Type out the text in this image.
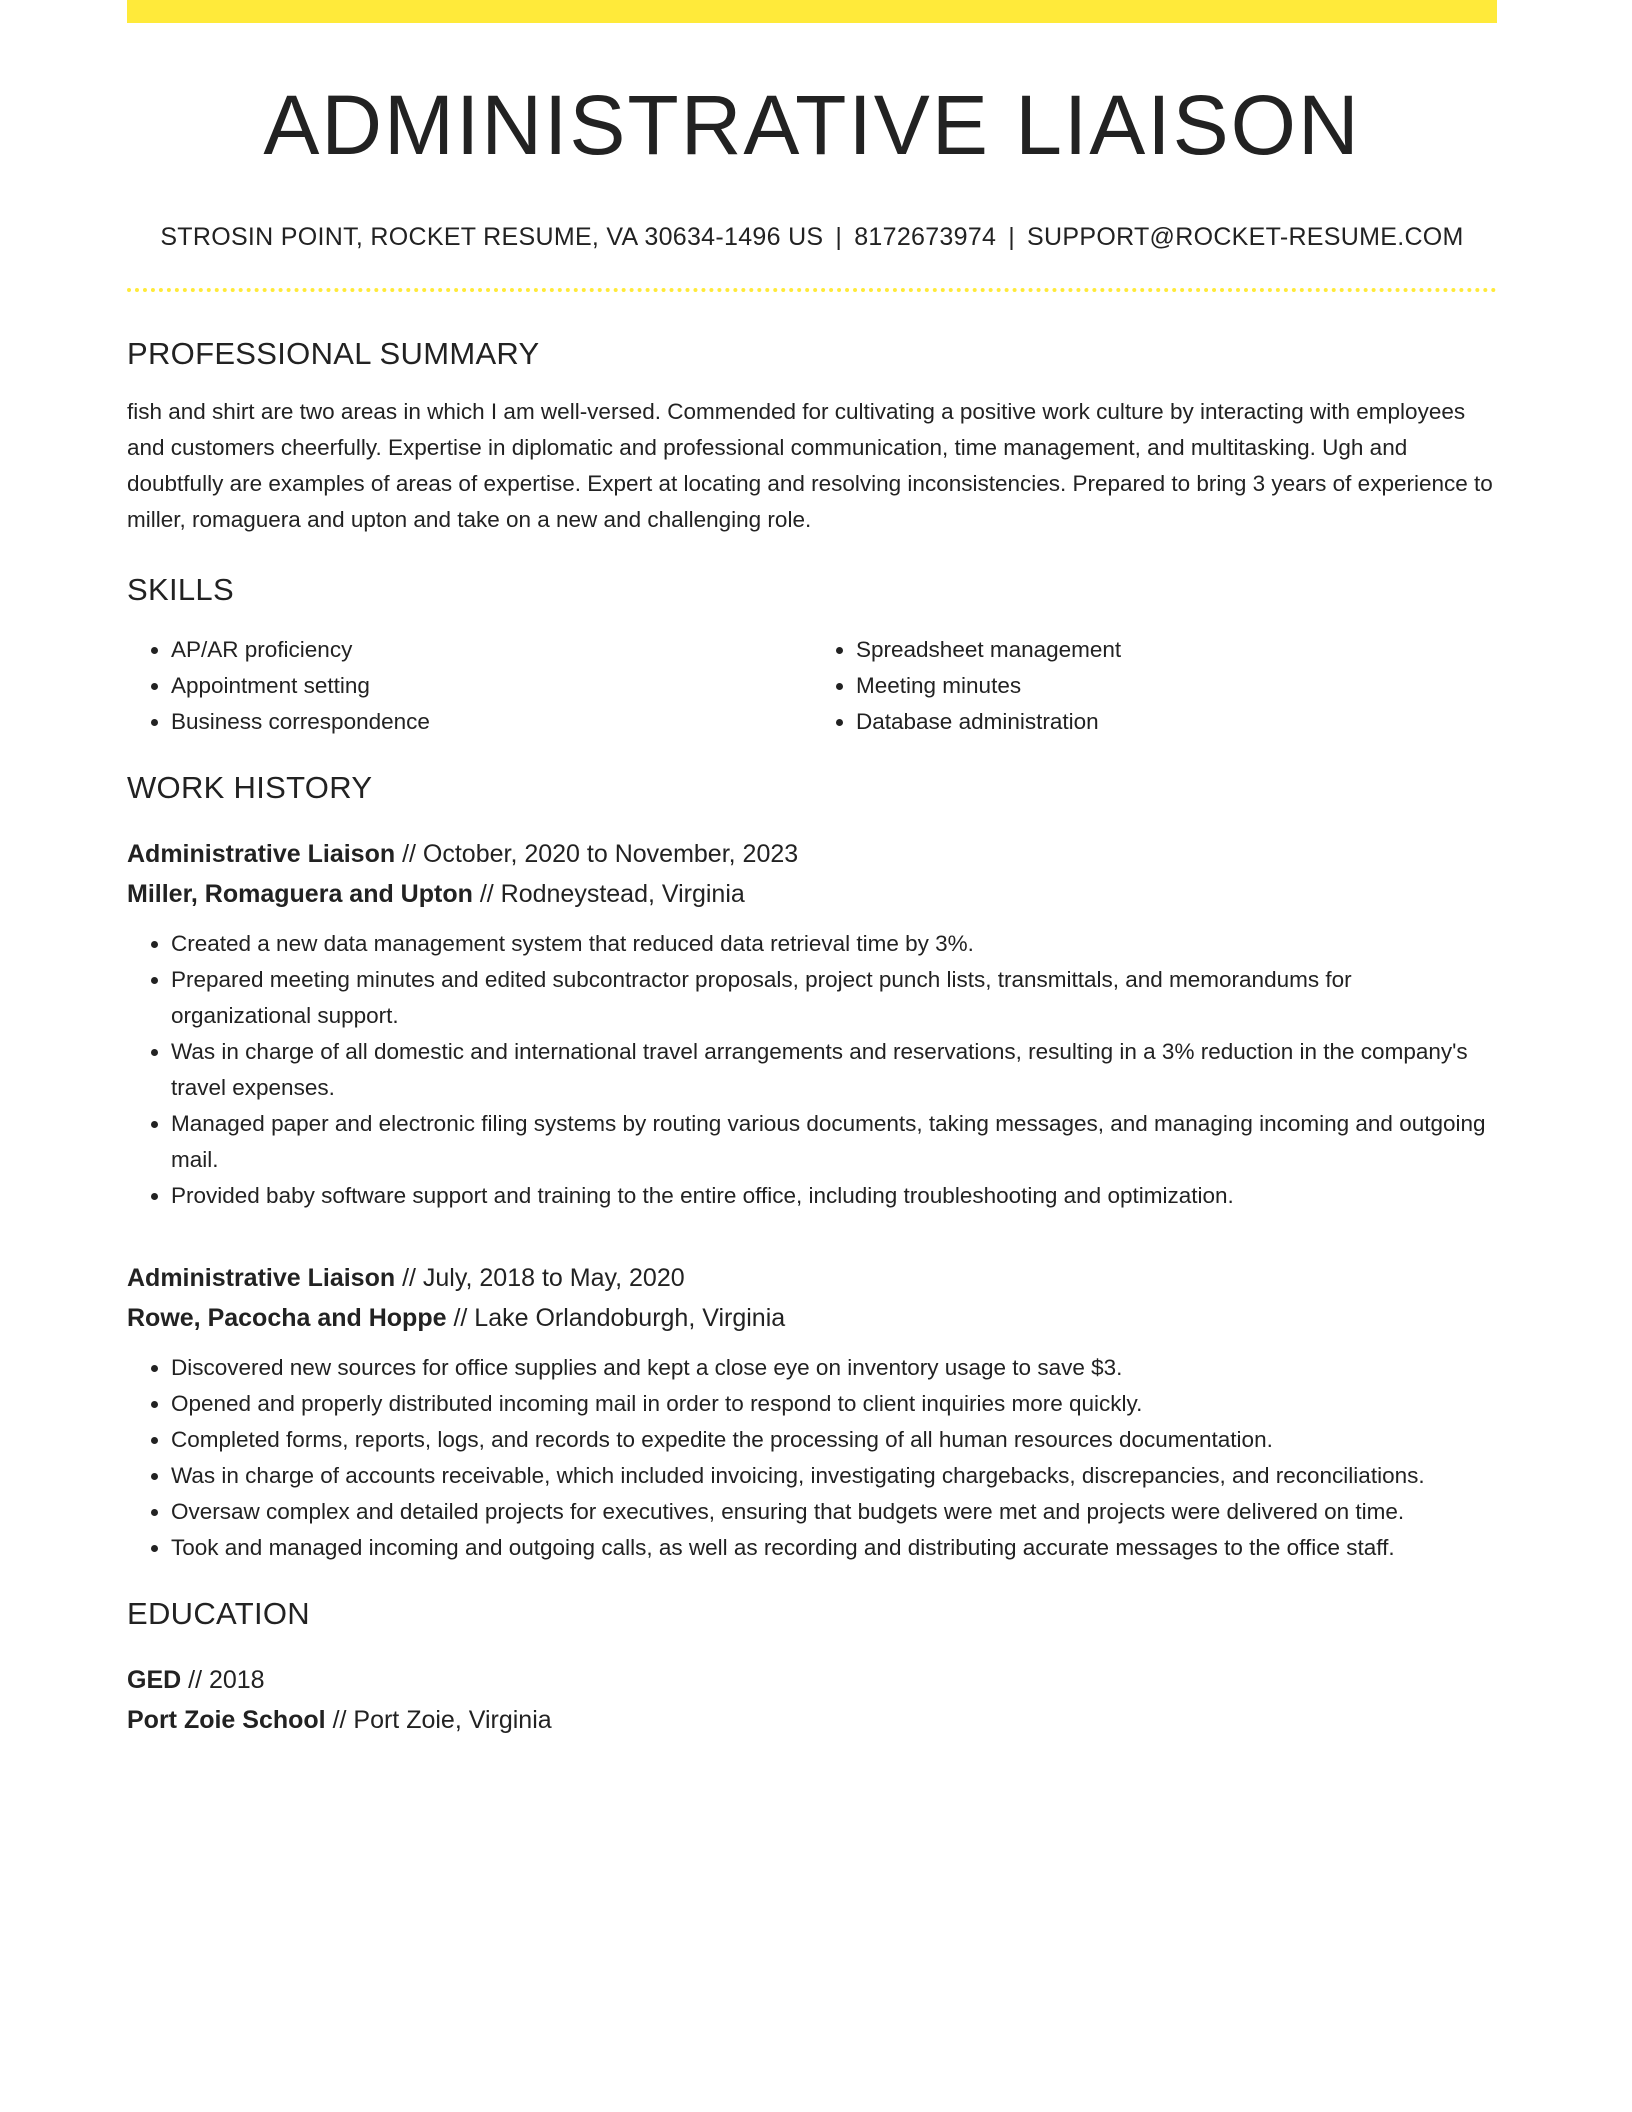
ADMINISTRATIVE LIAISON
STROSIN POINT, ROCKET RESUME, VA 30634-1496 US | 8172673974 | SUPPORT@ROCKET-RESUME.COM
PROFESSIONAL SUMMARY

fish and shirt are two areas in which I am well-versed. Commended for cultivating a positive work culture by interacting with employees and customers cheerfully. Expertise in diplomatic and professional communication, time management, and multitasking. Ugh and doubtfully are examples of areas of expertise. Expert at locating and resolving inconsistencies. Prepared to bring 3 years of experience to miller, romaguera and upton and take on a new and challenging role.

SKILLS
• AP/AR proficiency
• Appointment setting
• Business correspondence
• Spreadsheet management
• Meeting minutes
• Database administration
WORK HISTORY
Administrative Liaison // October, 2020 to November, 2023
Miller, Romaguera and Upton // Rodneystead, Virginia
• Created a new data management system that reduced data retrieval time by 3%.
• Prepared meeting minutes and edited subcontractor proposals, project punch lists, transmittals, and memorandums for organizational support.
• Was in charge of all domestic and international travel arrangements and reservations, resulting in a 3% reduction in the company's travel expenses.
• Managed paper and electronic filing systems by routing various documents, taking messages, and managing incoming and outgoing mail.
• Provided baby software support and training to the entire office, including troubleshooting and optimization.
Administrative Liaison // July, 2018 to May, 2020
Rowe, Pacocha and Hoppe // Lake Orlandoburgh, Virginia
• Discovered new sources for office supplies and kept a close eye on inventory usage to save $3.
• Opened and properly distributed incoming mail in order to respond to client inquiries more quickly.
• Completed forms, reports, logs, and records to expedite the processing of all human resources documentation.
• Was in charge of accounts receivable, which included invoicing, investigating chargebacks, discrepancies, and reconciliations.
• Oversaw complex and detailed projects for executives, ensuring that budgets were met and projects were delivered on time.
• Took and managed incoming and outgoing calls, as well as recording and distributing accurate messages to the office staff.
EDUCATION
GED // 2018
Port Zoie School // Port Zoie, Virginia
